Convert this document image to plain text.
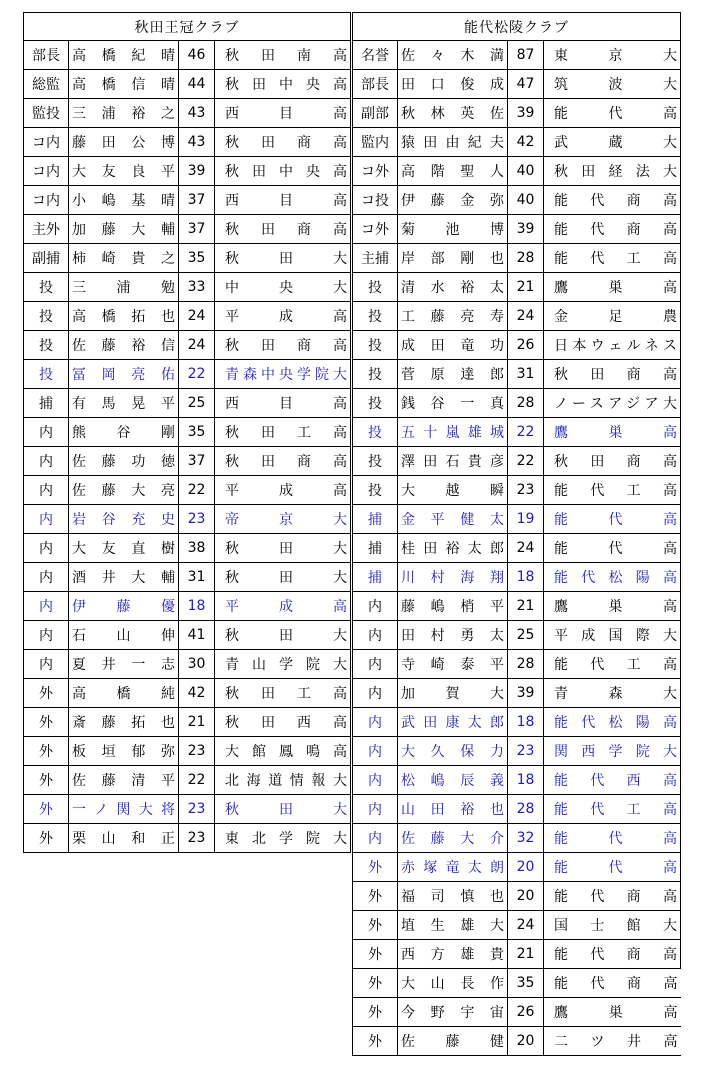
秋田王冠クラブ			
部長	高橋紀晴	46	秋田南高
総監	高橋信晴	44	秋田中央高
監投	三浦裕之	43	西目高
コ内	藤田公博	43	秋田商高
コ内	大友良平	39	秋田中央高
コ内	小嶋基晴	37	西目高
主外	加藤大輔	37	秋田商高
副捕	柿崎貴之	35	秋田大
投	三浦勉	33	中央大
投	高橋拓也	24	平成高
投	佐藤裕信	24	秋田商高
投	冨岡亮佑	22	青森中央学院大
捕	有馬晃平	25	西目高
内	熊谷剛	35	秋田工高
内	佐藤功徳	37	秋田商高
内	佐藤大亮	22	平成高
内	岩谷充史	23	帝京大
内	大友直樹	38	秋田大
内	酒井大輔	31	秋田大
内	伊藤優	18	平成高
内	石山伸	41	秋田大
内	夏井一志	30	青山学院大
外	高橋純	42	秋田工高
外	斎藤拓也	21	秋田西高
外	板垣郁弥	23	大館鳳鳴高
外	佐藤清平	22	北海道情報大
外	一ノ関大将	23	秋田大
外	栗山和正	23	東北学院大
能代松陵クラブ			
名誉	佐々木満	87	東京大
部長	田口俊成	47	筑波大
副部	秋林英佐	39	能代高
監内	猿田由紀夫	42	武蔵大
コ外	高階聖人	40	秋田経法大
コ投	伊藤金弥	40	能代商高
コ外	菊池博	39	能代商高
主捕	岸部剛也	28	能代工高
投	清水裕太	21	鷹巣高
投	工藤亮寿	24	金足農
投	成田竜功	26	日本ウェルネス
投	菅原達郎	31	秋田商高
投	銭谷一真	28	ノースアジア大
投	五十嵐雄城	22	鷹巣高
投	澤田石貴彦	22	秋田商高
投	大越瞬	23	能代工高
捕	金平健太	19	能代高
捕	桂田裕太郎	24	能代高
捕	川村海翔	18	能代松陽高
内	藤嶋梢平	21	鷹巣高
内	田村勇太	25	平成国際大
内	寺崎泰平	28	能代工高
内	加賀大	39	青森大
内	武田康太郎	18	能代松陽高
内	大久保力	23	関西学院大
内	松嶋辰義	18	能代西高
内	山田裕也	28	能代工高
内	佐藤大介	32	能代高
外	赤塚竜太朗	20	能代高
外	福司慎也	20	能代商高
外	埴生雄大	24	国士館大
外	西方雄貴	21	能代商高
外	大山長作	35	能代商高
外	今野宇宙	26	鷹巣高
外	佐藤健	20	二ツ井高
